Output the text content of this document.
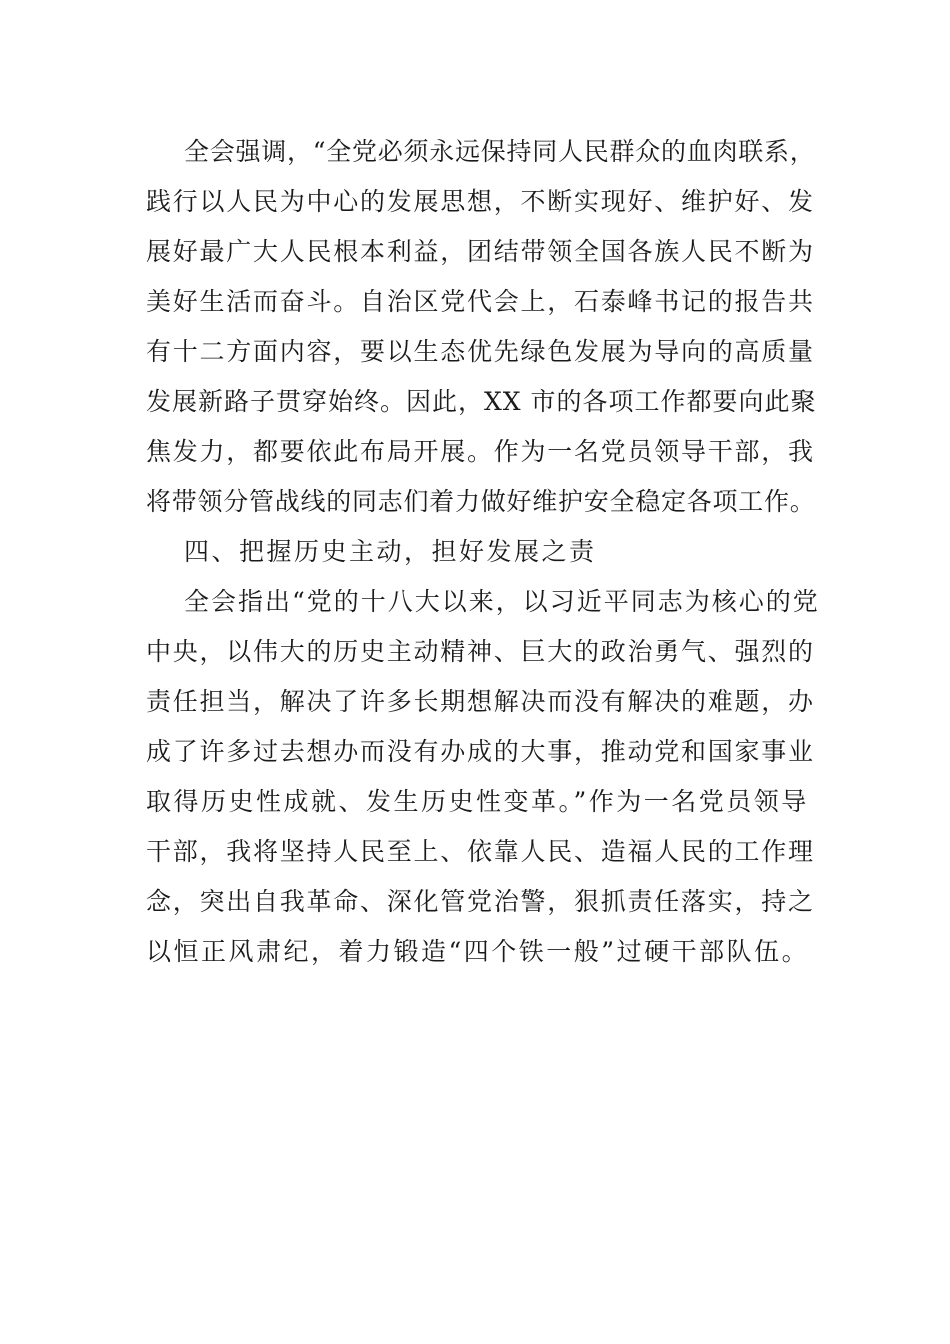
全会强调，“全党必须永远保持同人民群众的血肉联系，
践行以人民为中心的发展思想，不断实现好、维护好、发
展好最广大人民根本利益，团结带领全国各族人民不断为
美好生活而奋斗。自治区党代会上，石泰峰书记的报告共
有十二方面内容，要以生态优先绿色发展为导向的高质量
发展新路子贯穿始终。因此，XX 市的各项工作都要向此聚
焦发力，都要依此布局开展。作为一名党员领导干部，我
将带领分管战线的同志们着力做好维护安全稳定各项工作。
四、把握历史主动，担好发展之责
全会指出“党的十八大以来，以习近平同志为核心的党
中央，以伟大的历史主动精神、巨大的政治勇气、强烈的
责任担当，解决了许多长期想解决而没有解决的难题，办
成了许多过去想办而没有办成的大事，推动党和国家事业
取得历史性成就、发生历史性变革。”作为一名党员领导
干部，我将坚持人民至上、依靠人民、造福人民的工作理
念，突出自我革命、深化管党治警，狠抓责任落实，持之
以恒正风肃纪，着力锻造“四个铁一般”过硬干部队伍。
